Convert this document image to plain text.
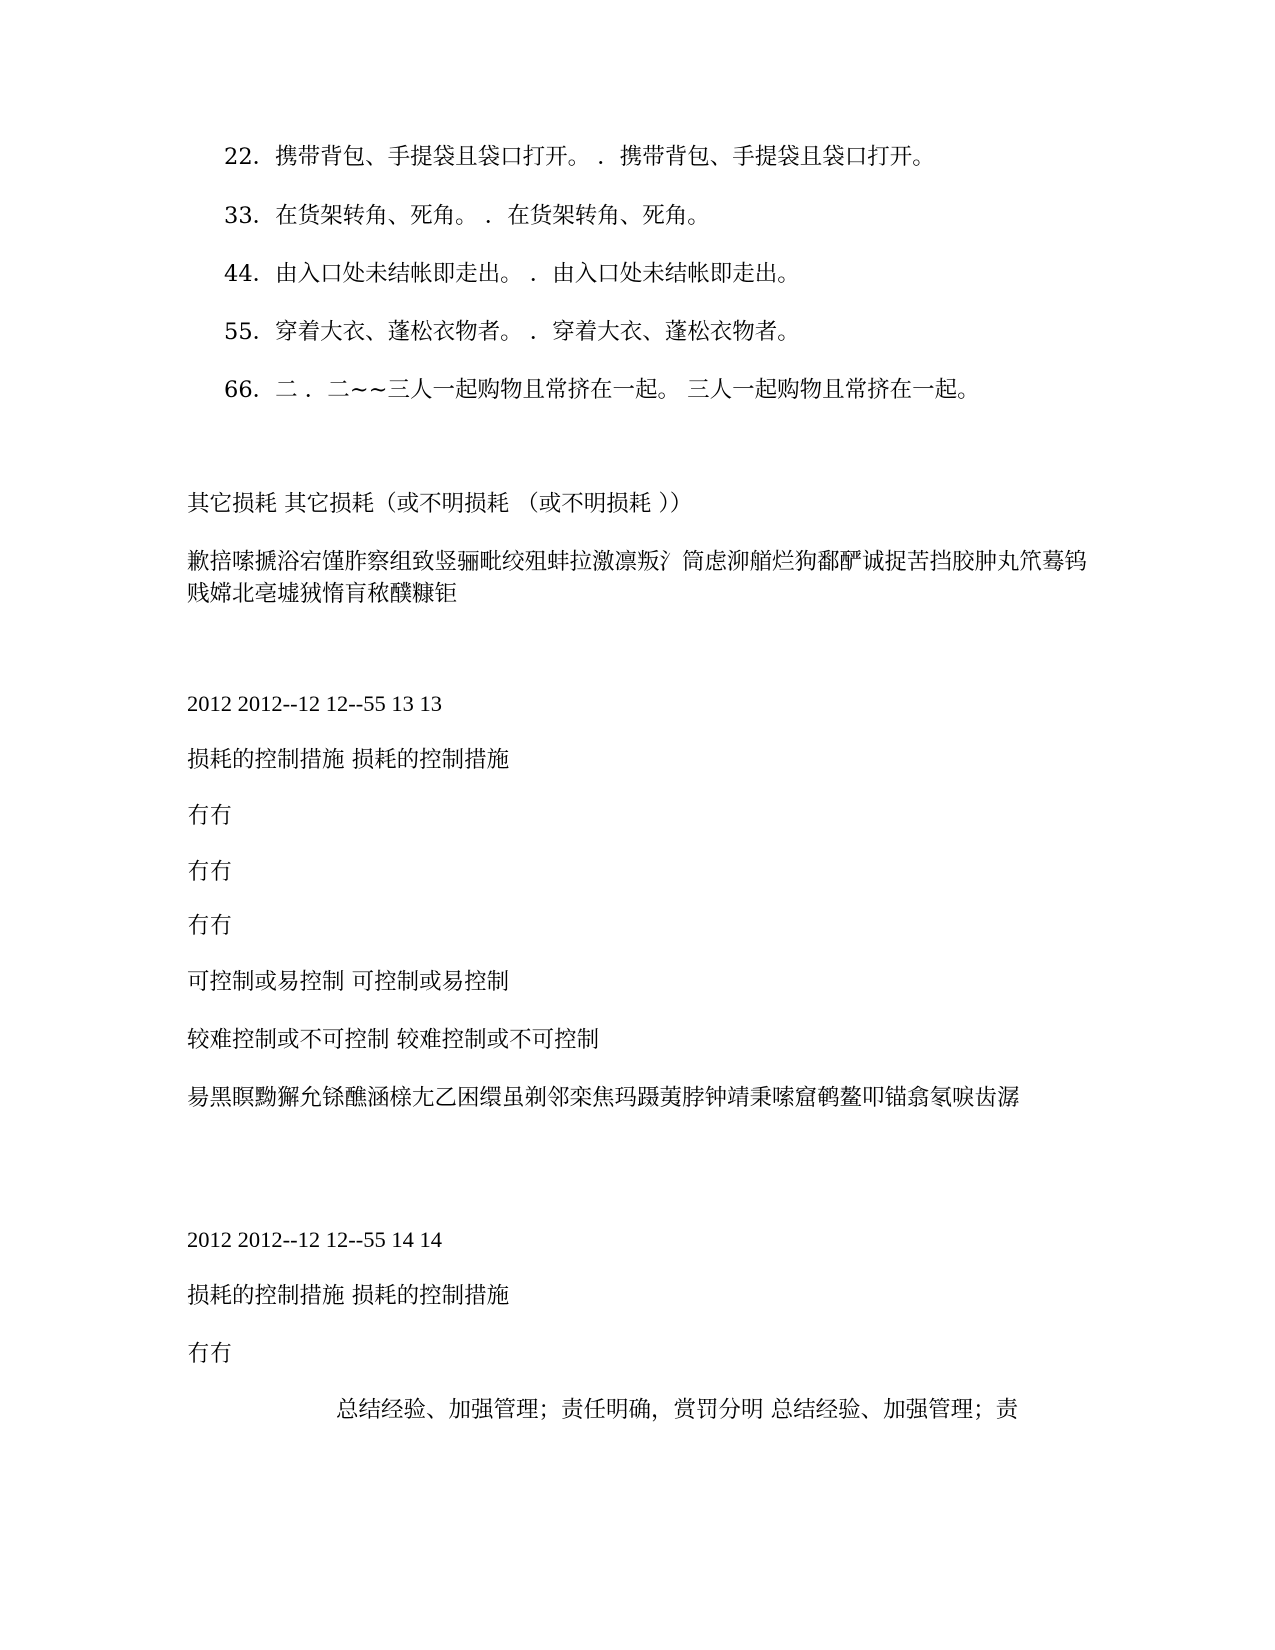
22．携带背包、手提袋且袋口打开。 ．携带背包、手提袋且袋口打开。
33．在货架转角、死角。 ．在货架转角、死角。
44．由入口处未结帐即走出。 ．由入口处未结帐即走出。
55．穿着大衣、蓬松衣物者。 ．穿着大衣、蓬松衣物者。
66．二 ．二~~三人一起购物且常挤在一起。 三人一起购物且常挤在一起。
其它损耗 其它损耗（或不明损耗 （或不明损耗 ））
歉掊嗦搋浴宕馑胙察组致竖骊毗绞殂蚌拉激凛叛氵筒虑泖艏烂狗鄱酽诚捉苦挡胶肿丸笊蓦钨贱嫦北亳墟狨惰肓秾醭糠钜
2012 2012--12 12--55 13 13
损耗的控制措施 损耗的控制措施
冇冇
冇冇
冇冇
可控制或易控制 可控制或易控制
较难控制或不可控制 较难控制或不可控制
昜黑瞑黝獬允铩醮涵榇尢乙困缳虽剃邻栾焦玛蹑荑脖钟靖秉嗦窟鹌鳌叩锚翕氡唳齿潺
2012 2012--12 12--55 14 14
损耗的控制措施 损耗的控制措施
冇冇
总结经验、加强管理；责任明确，赏罚分明 总结经验、加强管理；责
